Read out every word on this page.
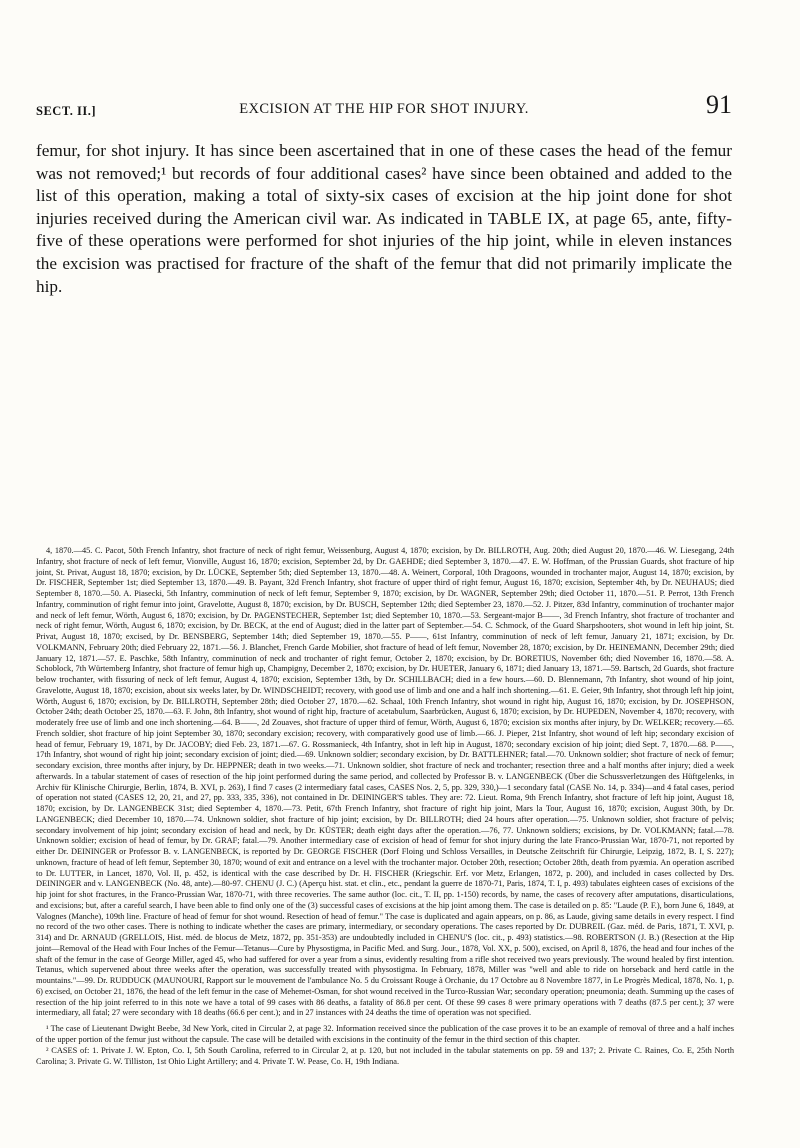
SECT. II.]	EXCISION AT THE HIP FOR SHOT INJURY.	91
femur, for shot injury. It has since been ascertained that in one of these cases the head of the femur was not removed;¹ but records of four additional cases² have since been obtained and added to the list of this operation, making a total of sixty-six cases of excision at the hip joint done for shot injuries received during the American civil war. As indicated in TABLE IX, at page 65, ante, fifty-five of these operations were performed for shot injuries of the hip joint, while in eleven instances the excision was practised for fracture of the shaft of the femur that did not primarily implicate the hip.

4, 1870.—45. C. Pacot, 50th French Infantry, shot fracture of neck of right femur, Weissenburg, August 4, 1870; excision, by Dr. BILLROTH, Aug. 20th; died August 20, 1870.—46. W. Liesegang, 24th Infantry, shot fracture of neck of left femur, Vionville, August 16, 1870; excision, September 2d, by Dr. GAEHDE; died September 3, 1870.—47. E. W. Hoffman, of the Prussian Guards, shot fracture of hip joint, St. Privat, August 18, 1870; excision, by Dr. LÜCKE, September 5th; died September 13, 1870.—48. A. Weinert, Corporal, 10th Dragoons, wounded in trochanter major, August 14, 1870; excision, by Dr. FISCHER, September 1st; died September 13, 1870.—49. B. Payant, 32d French Infantry, shot fracture of upper third of right femur, August 16, 1870; excision, September 4th, by Dr. NEUHAUS; died September 8, 1870.—50. A. Piasecki, 5th Infantry, comminution of neck of left femur, September 9, 1870; excision, by Dr. WAGNER, September 29th; died October 11, 1870.—51. P. Perrot, 13th French Infantry, comminution of right femur into joint, Gravelotte, August 8, 1870; excision, by Dr. BUSCH, September 12th; died September 23, 1870.—52. J. Pitzer, 83d Infantry, comminution of trochanter major and neck of left femur, Wörth, August 6, 1870; excision, by Dr. PAGENSTECHER, September 1st; died September 10, 1870.—53. Sergeant-major B——, 3d French Infantry, shot fracture of trochanter and neck of right femur, Wörth, August 6, 1870; excision, by Dr. BECK, at the end of August; died in the latter part of September.—54. C. Schmock, of the Guard Sharpshooters, shot wound in left hip joint, St. Privat, August 18, 1870; excised, by Dr. BENSBERG, September 14th; died September 19, 1870.—55. P——, 61st Infantry, comminution of neck of left femur, January 21, 1871; excision, by Dr. VOLKMANN, February 20th; died February 22, 1871.—56. J. Blanchet, French Garde Mobilier, shot fracture of head of left femur, November 28, 1870; excision, by Dr. HEINEMANN, December 29th; died January 12, 1871.—57. E. Paschke, 58th Infantry, comminution of neck and trochanter of right femur, October 2, 1870; excision, by Dr. BORETIUS, November 6th; died November 16, 1870.—58. A. Schoblock, 7th Würtemberg Infantry, shot fracture of femur high up, Champigny, December 2, 1870; excision, by Dr. HUETER, January 6, 1871; died January 13, 1871.—59. Bartsch, 2d Guards, shot fracture below trochanter, with fissuring of neck of left femur, August 4, 1870; excision, September 13th, by Dr. SCHILLBACH; died in a few hours.—60. D. Blennemann, 7th Infantry, shot wound of hip joint, Gravelotte, August 18, 1870; excision, about six weeks later, by Dr. WINDSCHEIDT; recovery, with good use of limb and one and a half inch shortening.—61. E. Geier, 9th Infantry, shot through left hip joint, Wörth, August 6, 1870; excision, by Dr. BILLROTH, September 28th; died October 27, 1870.—62. Schaal, 10th French Infantry, shot wound in right hip, August 16, 1870; excision, by Dr. JOSEPHSON, October 24th; death October 25, 1870.—63. F. John, 8th Infantry, shot wound of right hip, fracture of acetabulum, Saarbrücken, August 6, 1870; excision, by Dr. HUPEDEN, November 4, 1870; recovery, with moderately free use of limb and one inch shortening.—64. B——, 2d Zouaves, shot fracture of upper third of femur, Wörth, August 6, 1870; excision six months after injury, by Dr. WELKER; recovery.—65. French soldier, shot fracture of hip joint September 30, 1870; secondary excision; recovery, with comparatively good use of limb.—66. J. Pieper, 21st Infantry, shot wound of left hip; secondary excision of head of femur, February 19, 1871, by Dr. JACOBY; died Feb. 23, 1871.—67. G. Rossmanieck, 4th Infantry, shot in left hip in August, 1870; secondary excision of hip joint; died Sept. 7, 1870.—68. P——, 17th Infantry, shot wound of right hip joint; secondary excision of joint; died.—69. Unknown soldier; secondary excision, by Dr. BATTLEHNER; fatal.—70. Unknown soldier; shot fracture of neck of femur; secondary excision, three months after injury, by Dr. HEPPNER; death in two weeks.—71. Unknown soldier, shot fracture of neck and trochanter; resection three and a half months after injury; died a week afterwards. In a tabular statement of cases of resection of the hip joint performed during the same period, and collected by Professor B. v. LANGENBECK (Über die Schussverletzungen des Hüftgelenks, in Archiv für Klinische Chirurgie, Berlin, 1874, B. XVI, p. 263), I find 7 cases (2 intermediary fatal cases, CASES Nos. 2, 5, pp. 329, 330,)—1 secondary fatal (CASE No. 14, p. 334)—and 4 fatal cases, period of operation not stated (CASES 12, 20, 21, and 27, pp. 333, 335, 336), not contained in Dr. DEININGER'S tables. They are: 72. Lieut. Roma, 9th French Infantry, shot fracture of left hip joint, August 18, 1870; excision, by Dr. LANGENBECK 31st; died September 4, 1870.—73. Petit, 67th French Infantry, shot fracture of right hip joint, Mars la Tour, August 16, 1870; excision, August 30th, by Dr. LANGENBECK; died December 10, 1870.—74. Unknown soldier, shot fracture of hip joint; excision, by Dr. BILLROTH; died 24 hours after operation.—75. Unknown soldier, shot fracture of pelvis; secondary involvement of hip joint; secondary excision of head and neck, by Dr. KÜSTER; death eight days after the operation.—76, 77. Unknown soldiers; excisions, by Dr. VOLKMANN; fatal.—78. Unknown soldier; excision of head of femur, by Dr. GRAF; fatal.—79. Another intermediary case of excision of head of femur for shot injury during the late Franco-Prussian War, 1870-71, not reported by either Dr. DEININGER or Professor B. v. LANGENBECK, is reported by Dr. GEORGE FISCHER (Dorf Floing und Schloss Versailles, in Deutsche Zeitschrift für Chirurgie, Leipzig, 1872, B. I, S. 227); unknown, fracture of head of left femur, September 30, 1870; wound of exit and entrance on a level with the trochanter major. October 20th, resection; October 28th, death from pyæmia. An operation ascribed to Dr. LUTTER, in Lancet, 1870, Vol. II, p. 452, is identical with the case described by Dr. H. FISCHER (Kriegschir. Erf. vor Metz, Erlangen, 1872, p. 200), and included in cases collected by Drs. DEININGER and v. LANGENBECK (No. 48, ante).—80-97. CHENU (J. C.) (Aperçu hist. stat. et clin., etc., pendant la guerre de 1870-71, Paris, 1874, T. I, p. 493) tabulates eighteen cases of excisions of the hip joint for shot fractures, in the Franco-Prussian War, 1870-71, with three recoveries. The same author (loc. cit., T. II, pp. 1-150) records, by name, the cases of recovery after amputations, disarticulations, and excisions; but, after a careful search, I have been able to find only one of the (3) successful cases of excisions at the hip joint among them. The case is detailed on p. 85: "Laude (P. F.), born June 6, 1849, at Valognes (Manche), 109th line. Fracture of head of femur for shot wound. Resection of head of femur." The case is duplicated and again appears, on p. 86, as Laude, giving same details in every respect. I find no record of the two other cases. There is nothing to indicate whether the cases are primary, intermediary, or secondary operations. The cases reported by Dr. DUBREIL (Gaz. méd. de Paris, 1871, T. XVI, p. 314) and Dr. ARNAUD (GRELLOIS, Hist. méd. de blocus de Metz, 1872, pp. 351-353) are undoubtedly included in CHENU'S (loc. cit., p. 493) statistics.—98. ROBERTSON (J. B.) (Resection at the Hip joint—Removal of the Head with Four Inches of the Femur—Tetanus—Cure by Physostigma, in Pacific Med. and Surg. Jour., 1878, Vol. XX, p. 500), excised, on April 8, 1876, the head and four inches of the shaft of the femur in the case of George Miller, aged 45, who had suffered for over a year from a sinus, evidently resulting from a rifle shot received two years previously. The wound healed by first intention. Tetanus, which supervened about three weeks after the operation, was successfully treated with physostigma. In February, 1878, Miller was "well and able to ride on horseback and herd cattle in the mountains."—99. Dr. RUDDUCK (MAUNOURI, Rapport sur le mouvement de l'ambulance No. 5 du Croissant Rouge à Orchanie, du 17 Octobre au 8 Novembre 1877, in Le Progrès Medical, 1878, No. 1, p. 6) excised, on October 21, 1876, the head of the left femur in the case of Mehemet-Osman, for shot wound received in the Turco-Russian War; secondary operation; pneumonia; death. Summing up the cases of resection of the hip joint referred to in this note we have a total of 99 cases with 86 deaths, a fatality of 86.8 per cent. Of these 99 cases 8 were primary operations with 7 deaths (87.5 per cent.); 37 were intermediary, all fatal; 27 were secondary with 18 deaths (66.6 per cent.); and in 27 instances with 24 deaths the time of operation was not specified.

¹ The case of Lieutenant Dwight Beebe, 3d New York, cited in Circular 2, at page 32. Information received since the publication of the case proves it to be an example of removal of three and a half inches of the upper portion of the femur just without the capsule. The case will be detailed with excisions in the continuity of the femur in the third section of this chapter.

² CASES of: 1. Private J. W. Epton, Co. I, 5th South Carolina, referred to in Circular 2, at p. 120, but not included in the tabular statements on pp. 59 and 137; 2. Private C. Raines, Co. E, 25th North Carolina; 3. Private G. W. Tilliston, 1st Ohio Light Artillery; and 4. Private T. W. Pease, Co. H, 19th Indiana.
